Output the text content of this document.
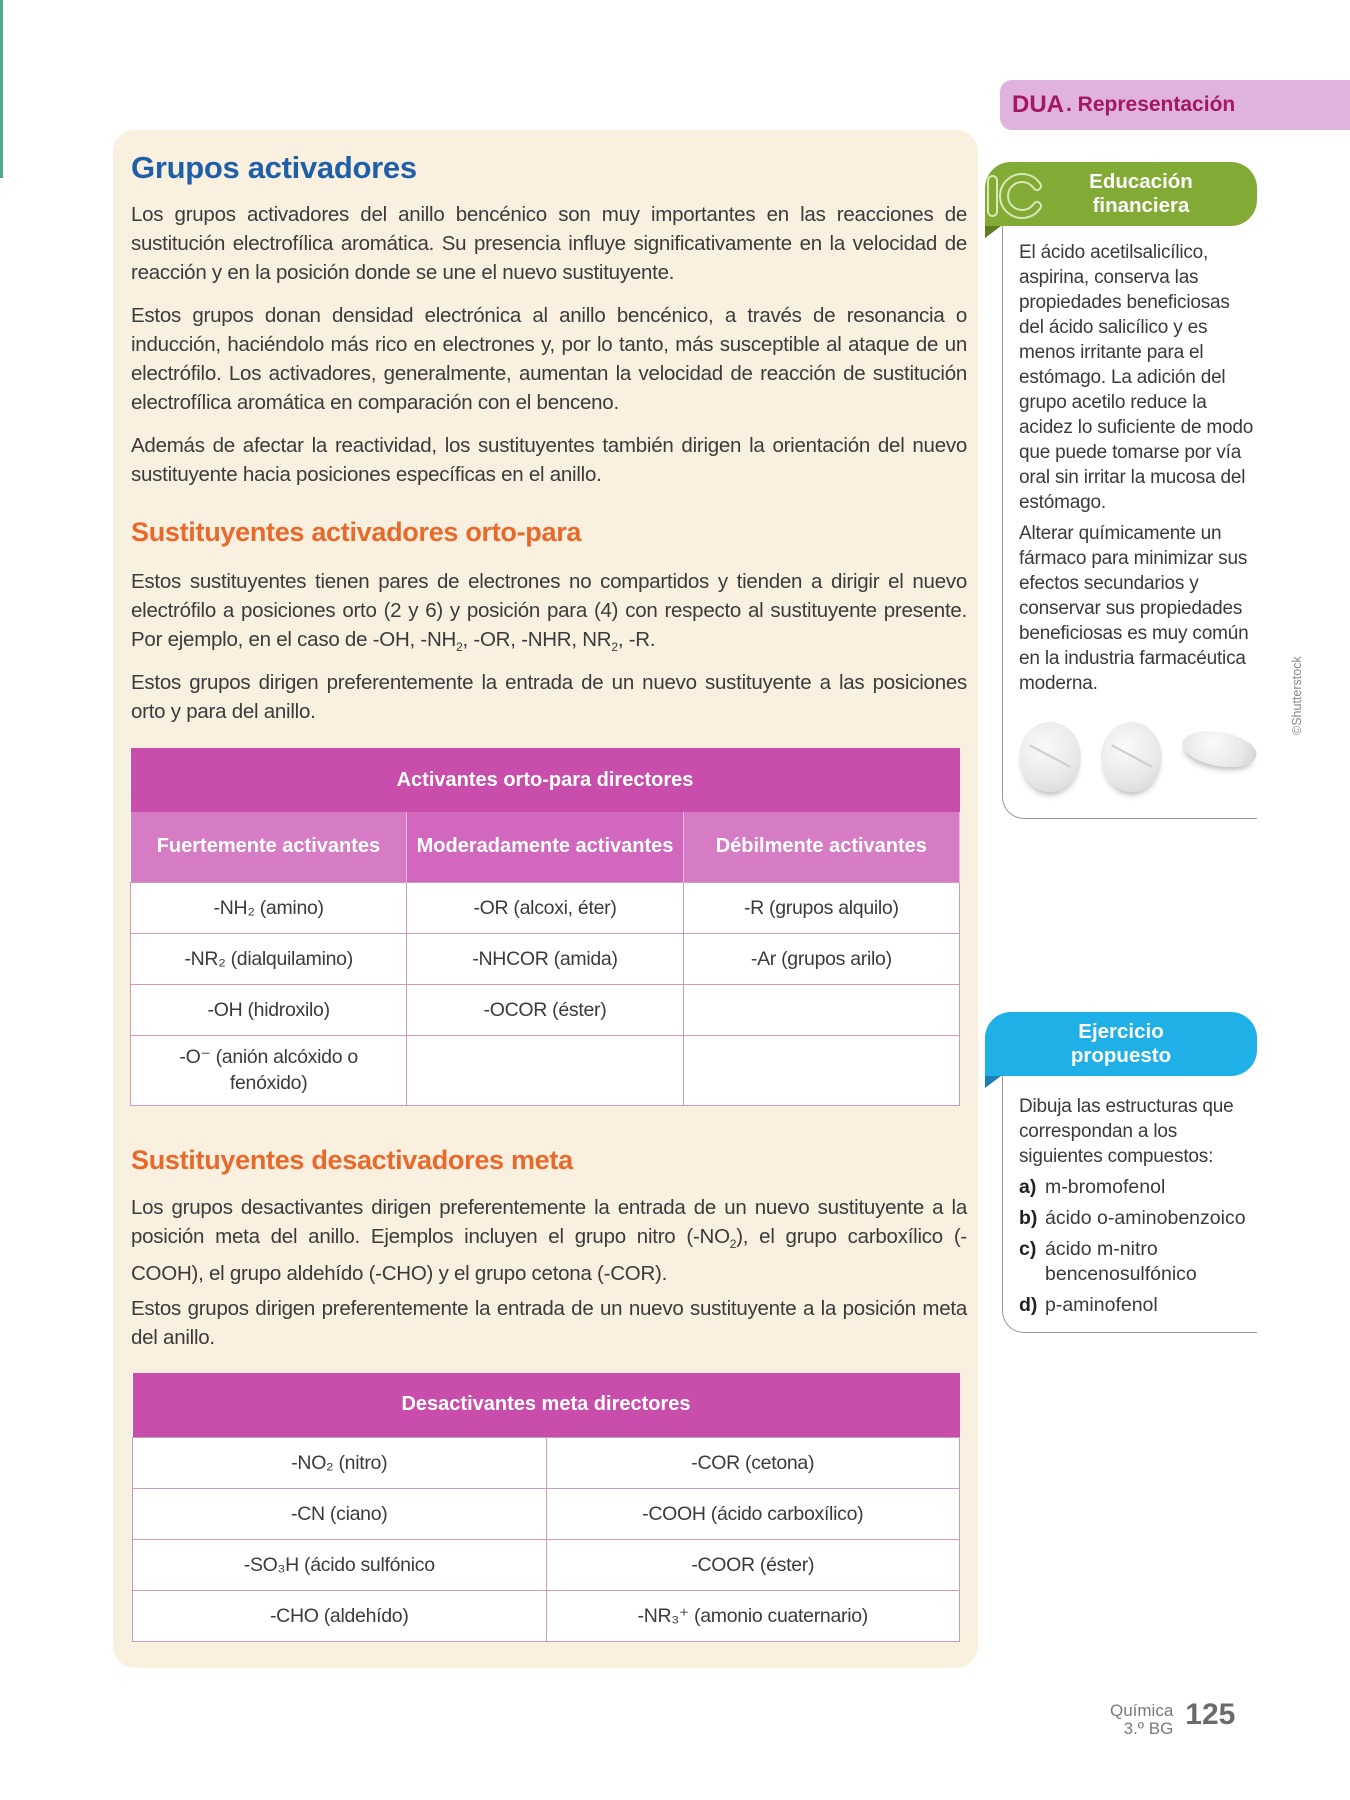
DUA . Representación
Grupos activadores

Los grupos activadores del anillo bencénico son muy importantes en las reacciones de sustitución electrofílica aromática. Su presencia influye significativamente en la velocidad de reacción y en la posición donde se une el nuevo sustituyente.

Estos grupos donan densidad electrónica al anillo bencénico, a través de resonancia o inducción, haciéndolo más rico en electrones y, por lo tanto, más susceptible al ataque de un electrófilo. Los activadores, generalmente, aumentan la velocidad de reacción de sustitución electrofílica aromática en comparación con el benceno.

Además de afectar la reactividad, los sustituyentes también dirigen la orientación del nuevo sustituyente hacia posiciones específicas en el anillo.

Sustituyentes activadores orto-para

Estos sustituyentes tienen pares de electrones no compartidos y tienden a dirigir el nuevo electrófilo a posiciones orto (2 y 6) y posición para (4) con respecto al sustituyente presente. Por ejemplo, en el caso de -OH, $-NH_2$, -OR, -NHR, $NR_2$, -R.

Estos grupos dirigen preferentemente la entrada de un nuevo sustituyente a las posiciones orto y para del anillo.

Activantes orto-para directores		
Fuertemente activantes	Moderadamente activantes	Débilmente activantes
-NH₂ (amino)	-OR (alcoxi, éter)	-R (grupos alquilo)
-NR₂ (dialquilamino)	-NHCOR (amida)	-Ar (grupos arilo)
-OH (hidroxilo)	-OCOR (éster)	
-O⁻ (anión alcóxido o fenóxido)		
Sustituyentes desactivadores meta

Los grupos desactivantes dirigen preferentemente la entrada de un nuevo sustituyente a la posición meta del anillo. Ejemplos incluyen el grupo nitro $(-NO_2)$, el grupo carboxílico (-COOH), el grupo aldehído (-CHO) y el grupo cetona (-COR).

Estos grupos dirigen preferentemente la entrada de un nuevo sustituyente a la posición meta del anillo.

Desactivantes meta directores	
-NO₂ (nitro)	-COR (cetona)
-CN (ciano)	-COOH (ácido carboxílico)
-SO₃H (ácido sulfónico	-COOR (éster)
-CHO (aldehído)	-NR₃⁺ (amonio cuaternario)
Educación
financiera

El ácido acetilsalicílico, aspirina, conserva las propiedades beneficiosas del ácido salicílico y es menos irritante para el estómago. La adición del grupo acetilo reduce la acidez lo suficiente de modo que puede tomarse por vía oral sin irritar la mucosa del estómago.

Alterar químicamente un fármaco para minimizar sus efectos secundarios y conservar sus propiedades beneficiosas es muy común en la industria farmacéutica moderna.	©Shutterstock
Ejercicio
propuesto

Dibuja las estructuras que correspondan a los siguientes compuestos:

a) m-bromofenol
b) ácido o-aminobenzoico
c) ácido m-nitro bencenosulfónico
d) p-aminofenol
Química
3.º BG 125
